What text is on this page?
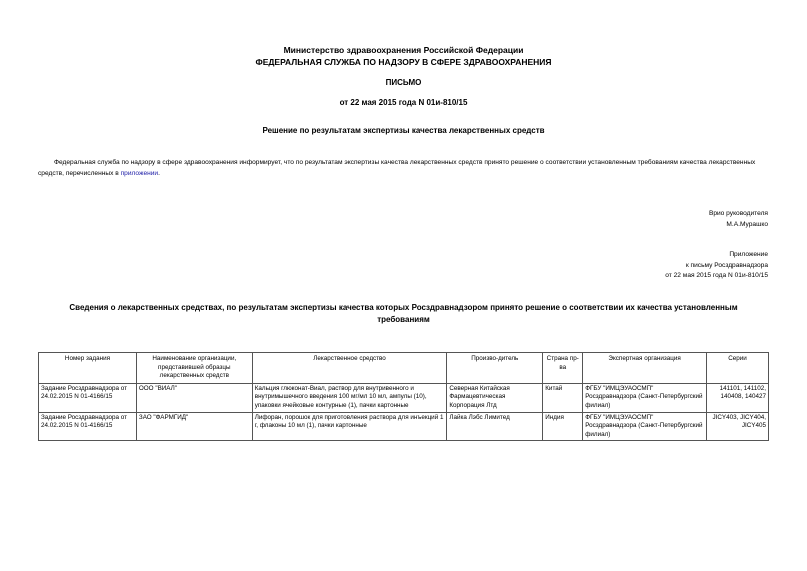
Министерство здравоохранения Российской Федерации
ФЕДЕРАЛЬНАЯ СЛУЖБА ПО НАДЗОРУ В СФЕРЕ ЗДРАВООХРАНЕНИЯ
ПИСЬМО
от 22 мая 2015 года N 01и-810/15
Решение по результатам экспертизы качества лекарственных средств
Федеральная служба по надзору в сфере здравоохранения информирует, что по результатам экспертизы качества лекарственных средств принято решение о соответствии установленным требованиям качества лекарственных средств, перечисленных в приложении.
Врио руководителя
М.А.Мурашко
Приложение
к письму Росздравнадзора
от 22 мая 2015 года N 01и-810/15
Сведения о лекарственных средствах, по результатам экспертизы качества которых Росздравнадзором принято решение о соответствии их качества установленным требованиям
Номер задания	Наименование организации, представившей образцы лекарственных средств	Лекарственное средство	Произво-дитель	Страна пр-ва	Экспертная организация	Серии
Задание Росздравнадзора от 24.02.2015 N 01-4166/15	ООО "ВИАЛ"	Кальция глюконат-Виал, раствор для внутривенного и внутримышечного введения 100 мг/мл 10 мл, ампулы (10), упаковки ячейковые контурные (1), пачки картонные	Северная Китайская Фармацевтическая Корпорация Лтд	Китай	ФГБУ "ИМЦЭУАОСМП" Росздравнадзора (Санкт-Петербургский филиал)	141101, 141102, 140408, 140427
Задание Росздравнадзора от 24.02.2015 N 01-4166/15	ЗАО "ФАРМГИД"	Лифоран, порошок для приготовления раствора для инъекций 1 г, флаконы 10 мл (1), пачки картонные	Лайка Лэбс Лимитед	Индия	ФГБУ "ИМЦЭУАОСМП" Росздравнадзора (Санкт-Петербургский филиал)	JICY403, JICY404, JICY405
